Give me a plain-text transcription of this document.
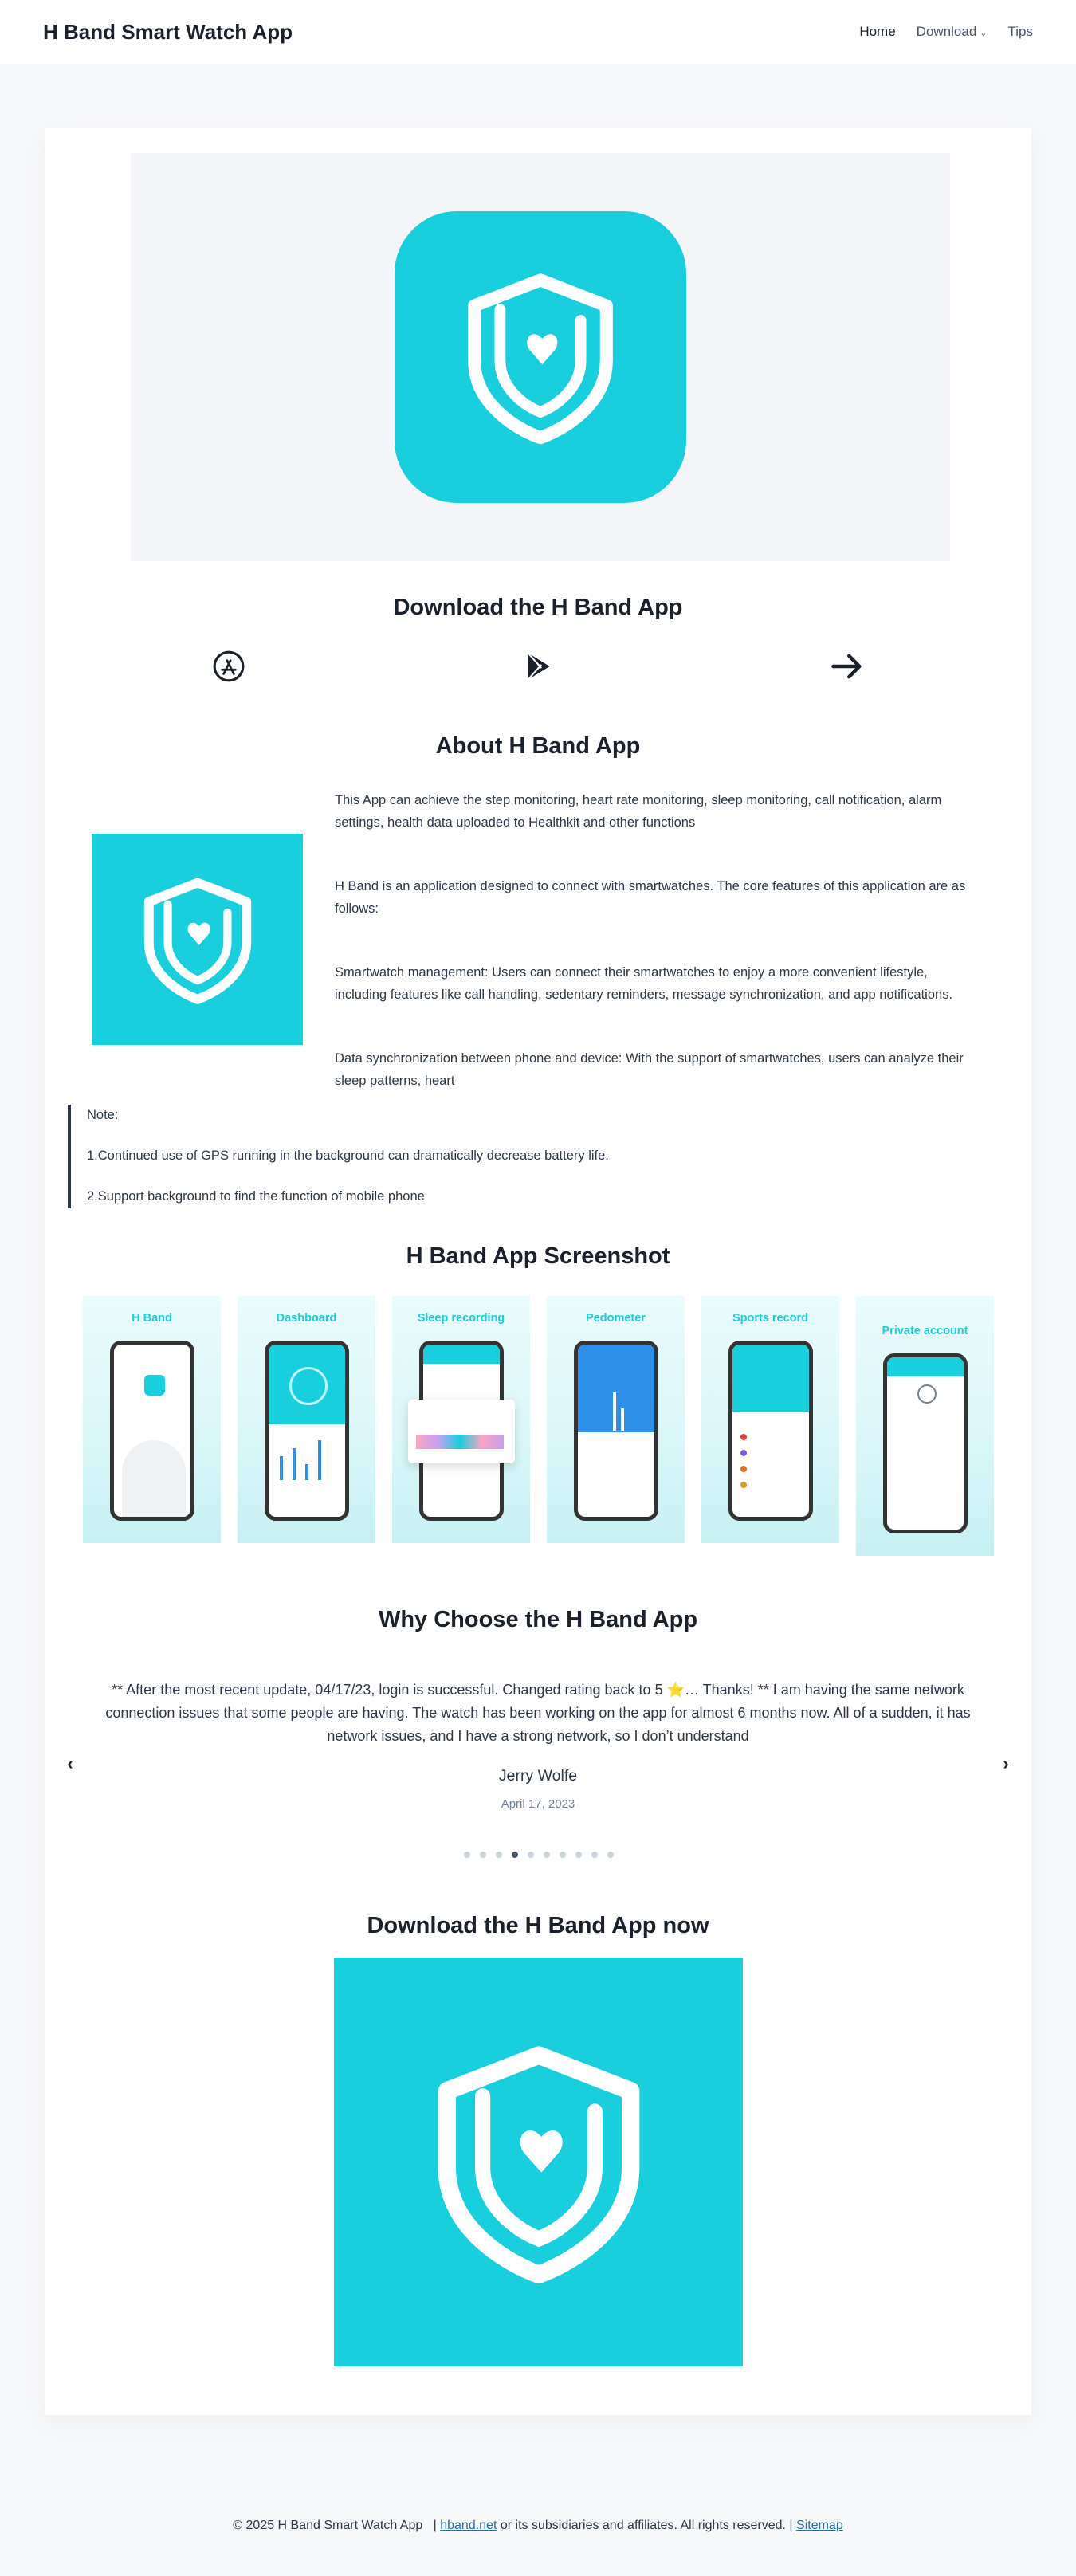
H Band Smart Watch App	Home Download ⌄ Tips
Download the H Band App
About H Band App

This App can achieve the step monitoring, heart rate monitoring, sleep monitoring, call notification, alarm settings, health data uploaded to Healthkit and other functions

H Band is an application designed to connect with smartwatches. The core features of this application are as follows:

Smartwatch management: Users can connect their smartwatches to enjoy a more convenient lifestyle, including features like call handling, sedentary reminders, message synchronization, and app notifications.

Data synchronization between phone and device: With the support of smartwatches, users can analyze their sleep patterns, heart

Note:

1.Continued use of GPS running in the background can dramatically decrease battery life.

2.Support background to find the function of mobile phone

H Band App Screenshot
H Band	Dashboard	Sleep recording	Pedometer	Sports record
Private account
Why Choose the H Band App
‹	›

** After the most recent update, 04/17/23, login is successful. Changed rating back to 5 ⭐… Thanks! ** I am having the same network connection issues that some people are having. The watch has been working on the app for almost 6 months now. All of a sudden, it has network issues, and I have a strong network, so I don’t understand

Jerry Wolfe
April 17, 2023
Download the H Band App now
© 2025 H Band Smart Watch App | hband.net or its subsidiaries and affiliates. All rights reserved. | Sitemap
